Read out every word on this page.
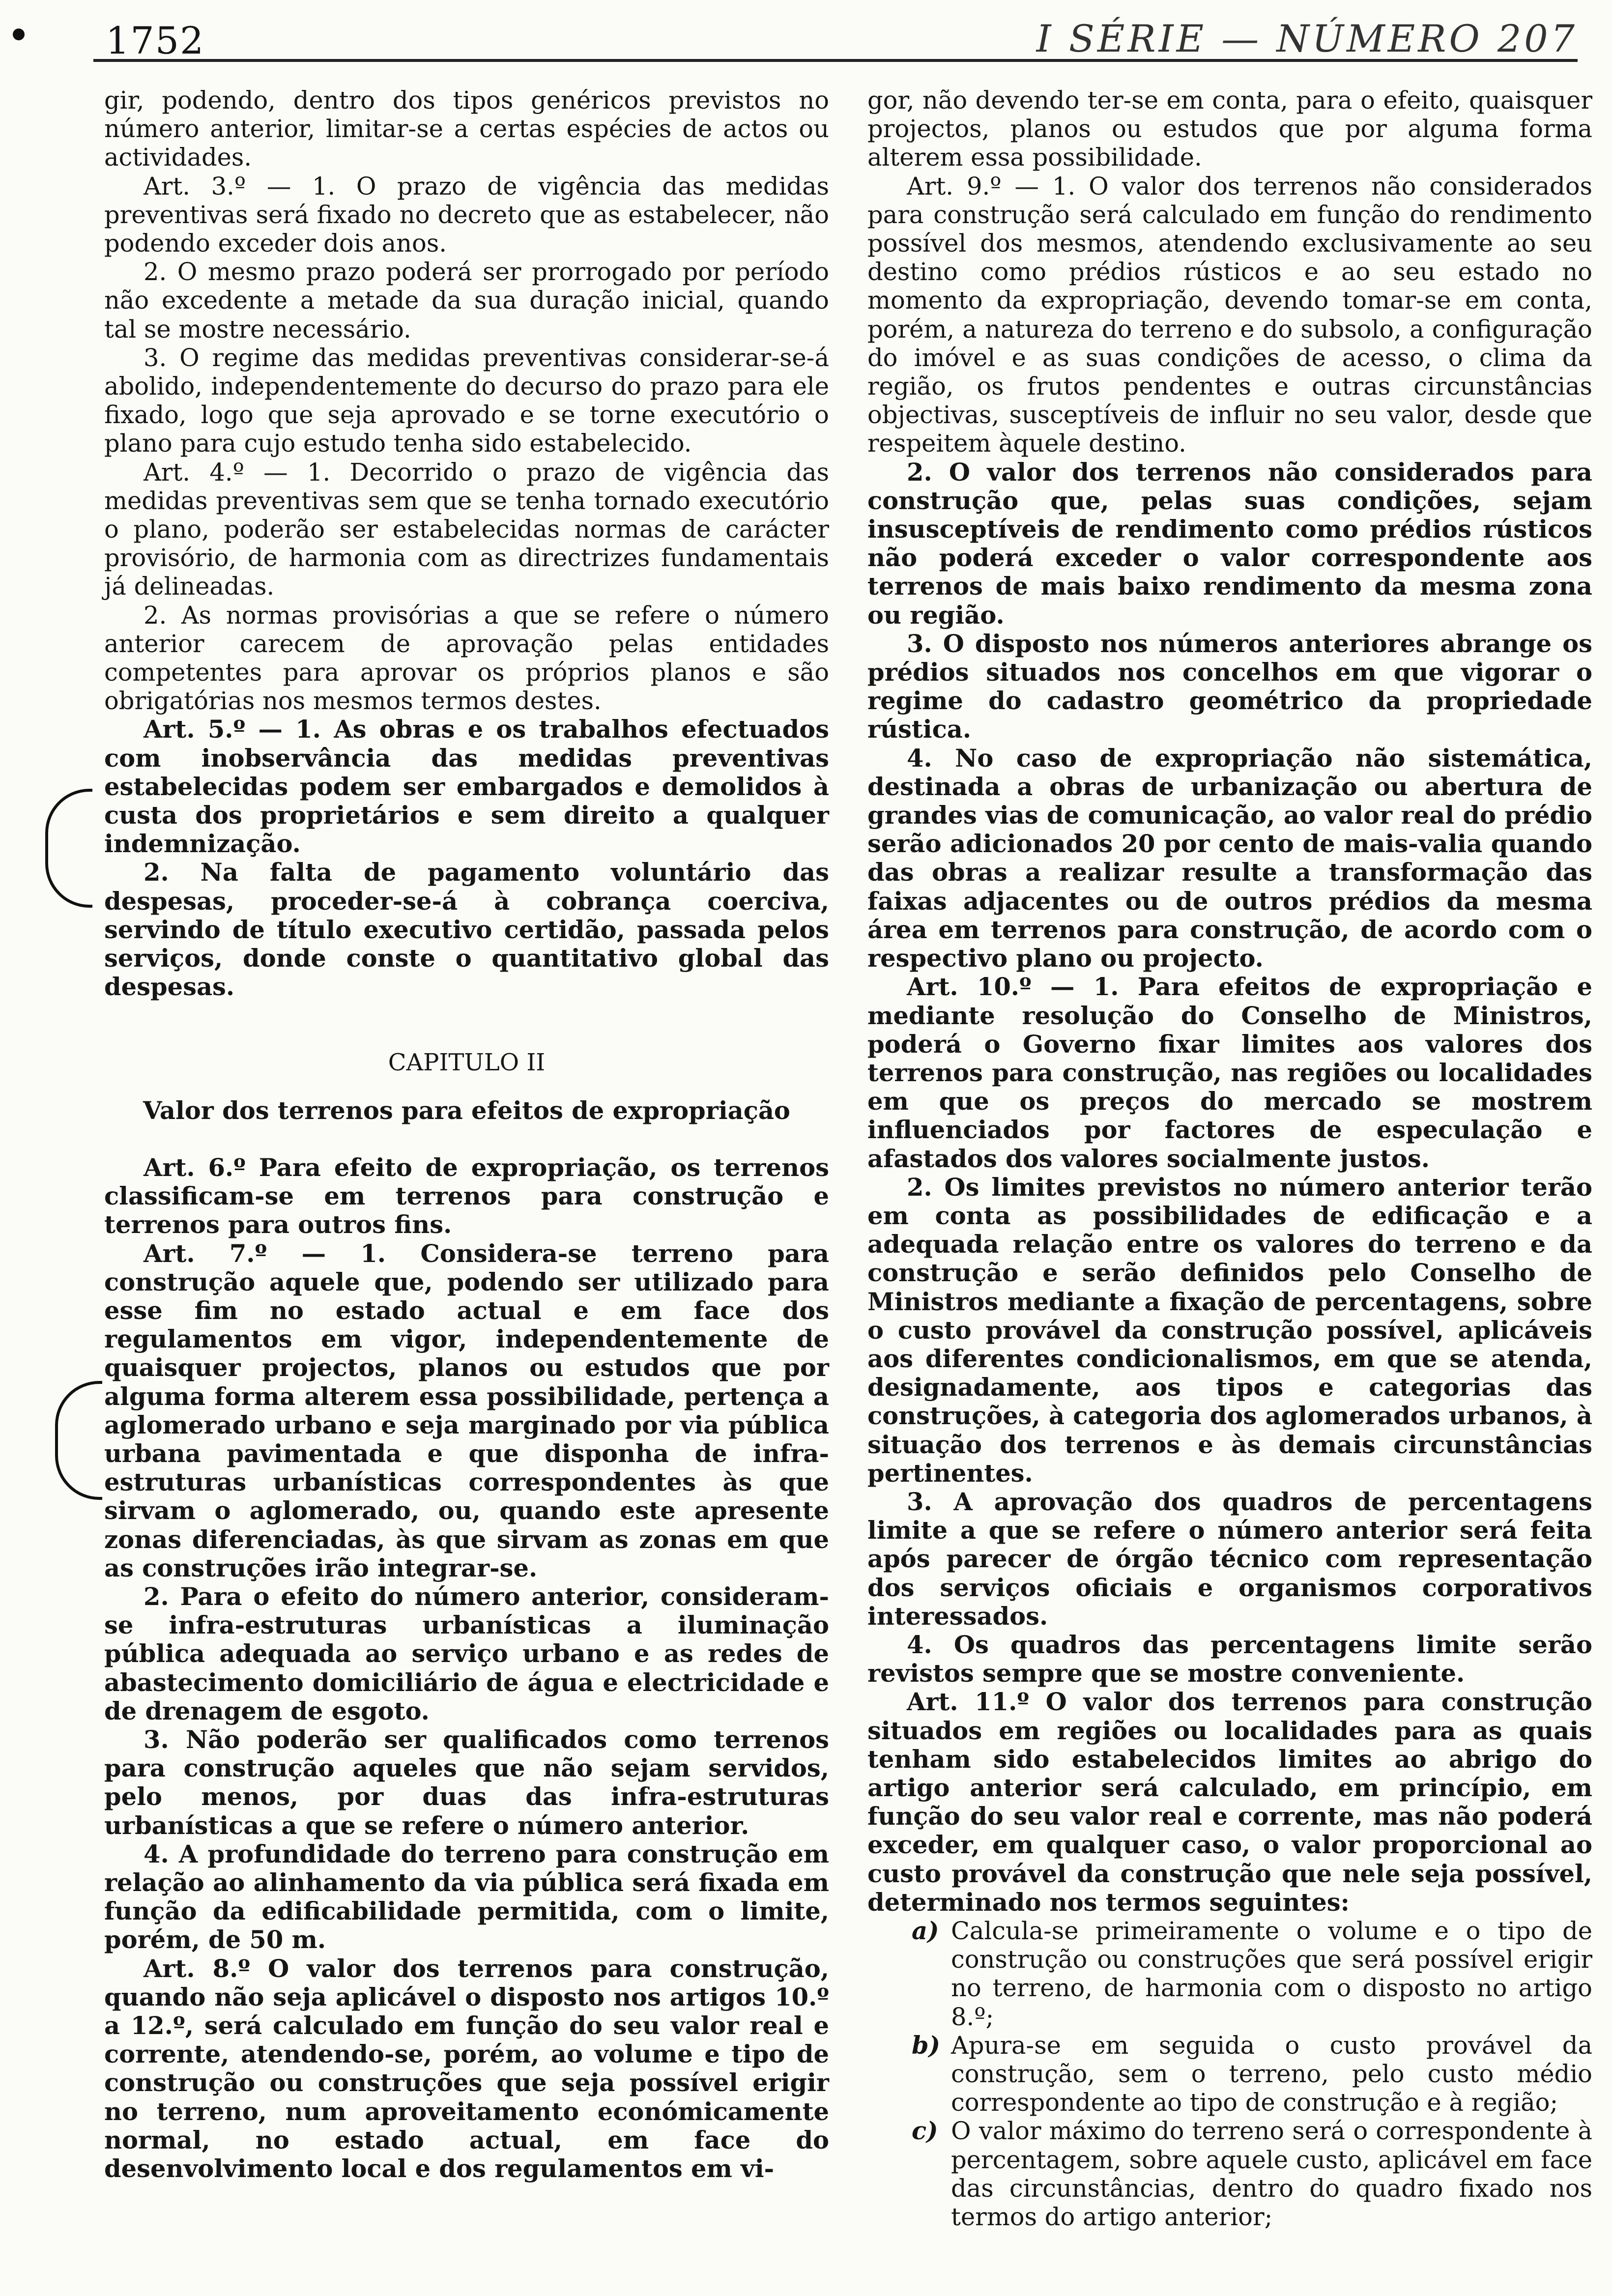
1752	I SÉRIE — NÚMERO 207

gir, podendo, dentro dos tipos genéricos previstos no número anterior, limitar-se a certas espécies de actos ou actividades.

Art. 3.º — 1. O prazo de vigência das medidas preventivas será fixado no decreto que as estabelecer, não podendo exceder dois anos.

2. O mesmo prazo poderá ser prorrogado por período não excedente a metade da sua duração inicial, quando tal se mostre necessário.

3. O regime das medidas preventivas considerar-se-á abolido, independentemente do decurso do prazo para ele fixado, logo que seja aprovado e se torne executório o plano para cujo estudo tenha sido estabelecido.

Art. 4.º — 1. Decorrido o prazo de vigência das medidas preventivas sem que se tenha tornado executório o plano, poderão ser estabelecidas normas de carácter provisório, de harmonia com as directrizes fundamentais já delineadas.

2. As normas provisórias a que se refere o número anterior carecem de aprovação pelas entidades competentes para aprovar os próprios planos e são obrigatórias nos mesmos termos destes.

Art. 5.º — 1. As obras e os trabalhos efectuados com inobservância das medidas preventivas estabelecidas podem ser embargados e demolidos à custa dos proprietários e sem direito a qualquer indemnização.

2. Na falta de pagamento voluntário das despesas, proceder-se-á à cobrança coerciva, servindo de título executivo certidão, passada pelos serviços, donde conste o quantitativo global das despesas.

CAPITULO II

Valor dos terrenos para efeitos de expropriação

Art. 6.º Para efeito de expropriação, os terrenos classificam-se em terrenos para construção e terrenos para outros fins.

Art. 7.º — 1. Considera-se terreno para construção aquele que, podendo ser utilizado para esse fim no estado actual e em face dos regulamentos em vigor, independentemente de quaisquer projectos, planos ou estudos que por alguma forma alterem essa possibilidade, pertença a aglomerado urbano e seja marginado por via pública urbana pavimentada e que disponha de infra-estruturas urbanísticas correspondentes às que sirvam o aglomerado, ou, quando este apresente zonas diferenciadas, às que sirvam as zonas em que as construções irão integrar-se.

2. Para o efeito do número anterior, consideram-se infra-estruturas urbanísticas a iluminação pública adequada ao serviço urbano e as redes de abastecimento domiciliário de água e electricidade e de drenagem de esgoto.

3. Não poderão ser qualificados como terrenos para construção aqueles que não sejam servidos, pelo menos, por duas das infra-estruturas urbanísticas a que se refere o número anterior.

4. A profundidade do terreno para construção em relação ao alinhamento da via pública será fixada em função da edificabilidade permitida, com o limite, porém, de 50 m.

Art. 8.º O valor dos terrenos para construção, quando não seja aplicável o disposto nos artigos 10.º a 12.º, será calculado em função do seu valor real e corrente, atendendo-se, porém, ao volume e tipo de construção ou construções que seja possível erigir no terreno, num aproveitamento económicamente normal, no estado actual, em face do desenvolvimento local e dos regulamentos em vi-

gor, não devendo ter-se em conta, para o efeito, quaisquer projectos, planos ou estudos que por alguma forma alterem essa possibilidade.

Art. 9.º — 1. O valor dos terrenos não considerados para construção será calculado em função do rendimento possível dos mesmos, atendendo exclusivamente ao seu destino como prédios rústicos e ao seu estado no momento da expropriação, devendo tomar-se em conta, porém, a natureza do terreno e do subsolo, a configuração do imóvel e as suas condições de acesso, o clima da região, os frutos pendentes e outras circunstâncias objectivas, susceptíveis de influir no seu valor, desde que respeitem àquele destino.

2. O valor dos terrenos não considerados para construção que, pelas suas condições, sejam insusceptíveis de rendimento como prédios rústicos não poderá exceder o valor correspondente aos terrenos de mais baixo rendimento da mesma zona ou região.

3. O disposto nos números anteriores abrange os prédios situados nos concelhos em que vigorar o regime do cadastro geométrico da propriedade rústica.

4. No caso de expropriação não sistemática, destinada a obras de urbanização ou abertura de grandes vias de comunicação, ao valor real do prédio serão adicionados 20 por cento de mais-valia quando das obras a realizar resulte a transformação das faixas adjacentes ou de outros prédios da mesma área em terrenos para construção, de acordo com o respectivo plano ou projecto.

Art. 10.º — 1. Para efeitos de expropriação e mediante resolução do Conselho de Ministros, poderá o Governo fixar limites aos valores dos terrenos para construção, nas regiões ou localidades em que os preços do mercado se mostrem influenciados por factores de especulação e afastados dos valores socialmente justos.

2. Os limites previstos no número anterior terão em conta as possibilidades de edificação e a adequada relação entre os valores do terreno e da construção e serão definidos pelo Conselho de Ministros mediante a fixação de percentagens, sobre o custo provável da construção possível, aplicáveis aos diferentes condicionalismos, em que se atenda, designadamente, aos tipos e categorias das construções, à categoria dos aglomerados urbanos, à situação dos terrenos e às demais circunstâncias pertinentes.

3. A aprovação dos quadros de percentagens limite a que se refere o número anterior será feita após parecer de órgão técnico com representação dos serviços oficiais e organismos corporativos interessados.

4. Os quadros das percentagens limite serão revistos sempre que se mostre conveniente.

Art. 11.º O valor dos terrenos para construção situados em regiões ou localidades para as quais tenham sido estabelecidos limites ao abrigo do artigo anterior será calculado, em princípio, em função do seu valor real e corrente, mas não poderá exceder, em qualquer caso, o valor proporcional ao custo provável da construção que nele seja possível, determinado nos termos seguintes:

a) Calcula-se primeiramente o volume e o tipo de construção ou construções que será possível erigir no terreno, de harmonia com o disposto no artigo 8.º;
b) Apura-se em seguida o custo provável da construção, sem o terreno, pelo custo médio correspondente ao tipo de construção e à região;
c) O valor máximo do terreno será o correspondente à percentagem, sobre aquele custo, aplicável em face das circunstâncias, dentro do quadro fixado nos termos do artigo anterior;
